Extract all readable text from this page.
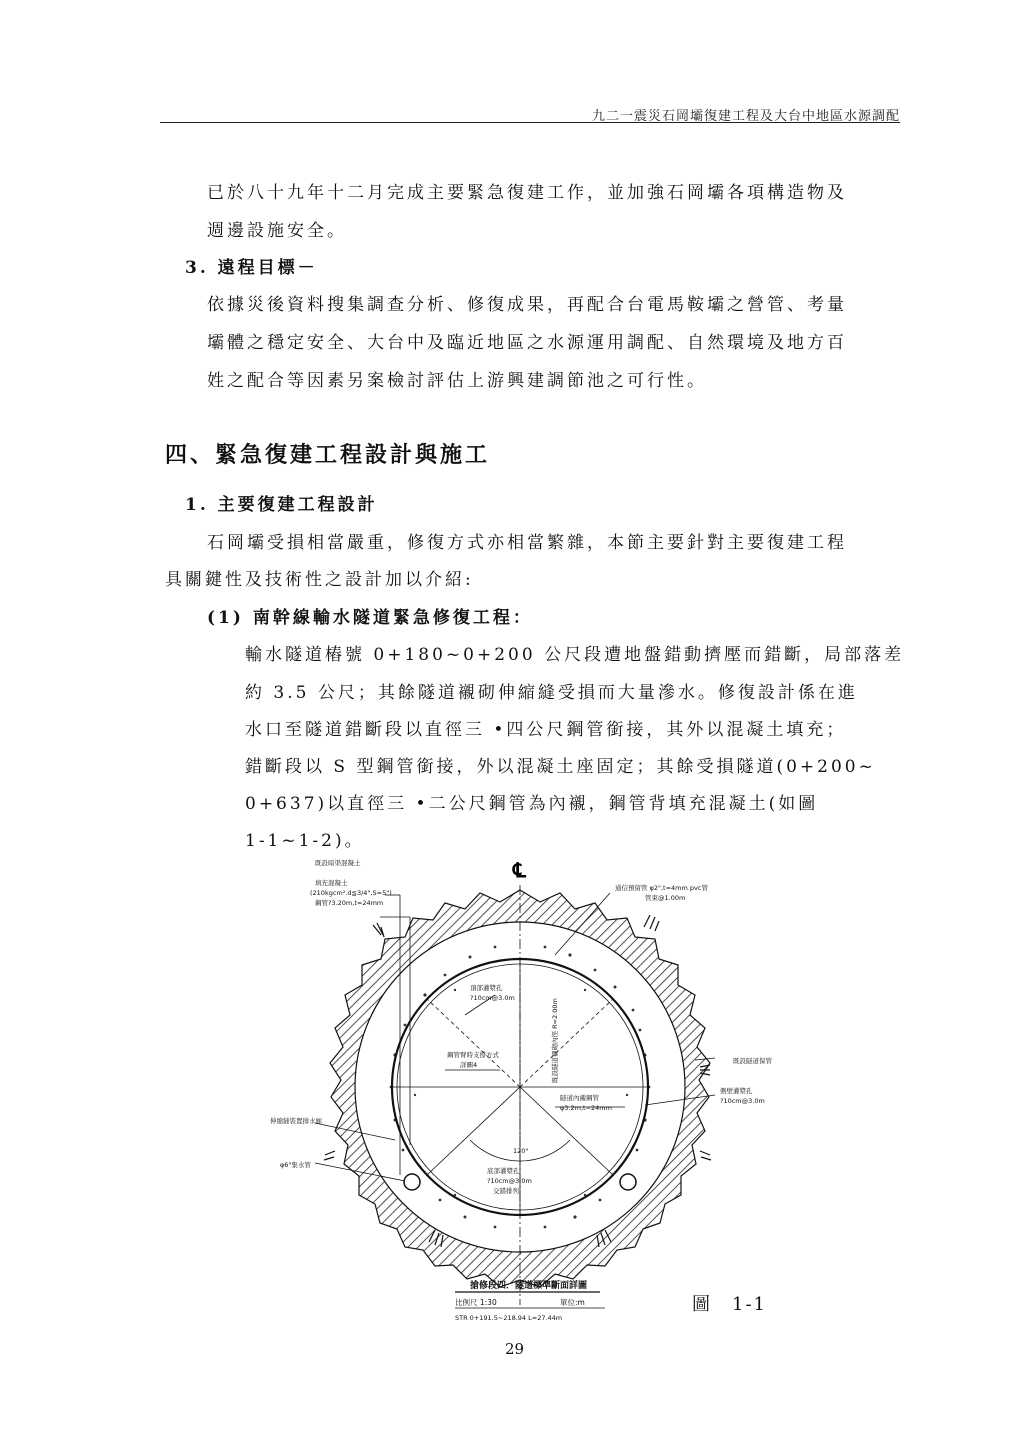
九二一震災石岡壩復建工程及大台中地區水源調配
已於八十九年十二月完成主要緊急復建工作，並加強石岡壩各項構造物及
週邊設施安全。
3. 遠程目標－
依據災後資料搜集調查分析、修復成果，再配合台電馬鞍壩之營管、考量
壩體之穩定安全、大台中及臨近地區之水源運用調配、自然環境及地方百
姓之配合等因素另案檢討評估上游興建調節池之可行性。
四、緊急復建工程設計與施工
1. 主要復建工程設計
石岡壩受損相當嚴重，修復方式亦相當繁雜，本節主要針對主要復建工程
具關鍵性及技術性之設計加以介紹:
(1) 南幹線輸水隧道緊急修復工程：
輸水隧道樁號 0+180~0+200 公尺段遭地盤錯動擠壓而錯斷，局部落差
約 3.5 公尺；其餘隧道襯砌伸縮縫受損而大量滲水。修復設計係在進
水口至隧道錯斷段以直徑三 •四公尺鋼管銜接，其外以混凝土填充；
錯斷段以 S 型鋼管銜接，外以混凝土座固定；其餘受損隧道(0+200~
0+637)以直徑三 •二公尺鋼管為內襯，鋼管背填充混凝土(如圖
1-1~1-2)。
℄
既設暗渠混凝土
填充混凝土
(210kgcm².d≦3/4",S=5")
鋼管?3.20m,t=24mm
通信預留管 φ2",t=4mm pvc管
管束@1.00m
頂部灌漿孔
?10cm@3.0m
鋼管臂時支撐方式
詳圖4	既設隧道襯砌內徑 R=2.00m
隧道內襯鋼管
φ3.2m,t=24mm
既設隧道保管
側壁灌漿孔
?10cm@3.0m
伸縮縫裝置排水廊
φ6"集水管
120°
底部灌漿孔
?10cm@3.0m
交錯排列
搶修段四．隧道標準斷面詳圖
比例尺 1:30	單位:m
STR 0+191.5~218.94 L=27.44m
圖　1-1
29
